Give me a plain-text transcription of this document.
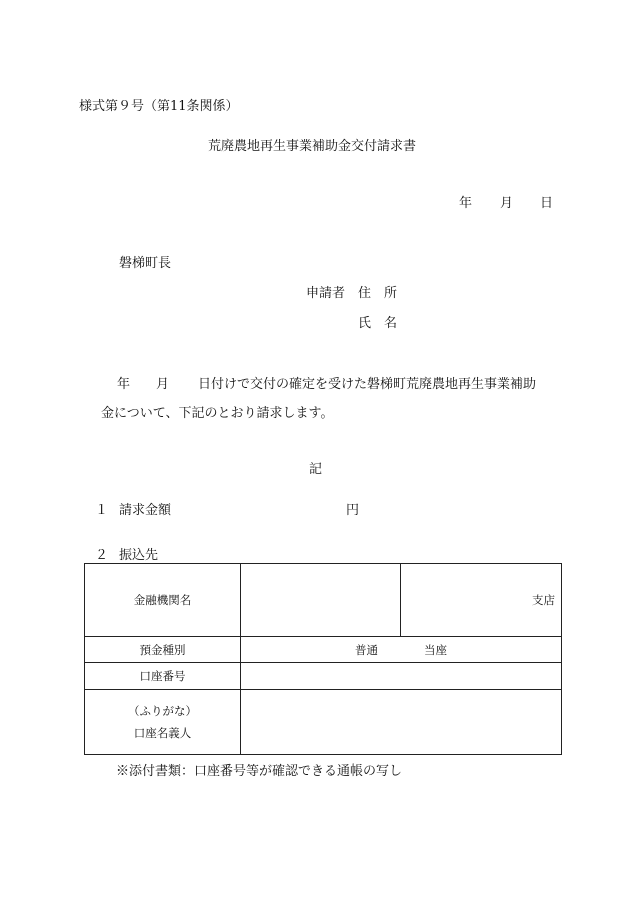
様式第９号（第11条関係）
荒廃農地再生事業補助金交付請求書
年 月 日
磐梯町長
申請者 住　所
氏　名
年 月 日付けで交付の確定を受けた磐梯町荒廃農地再生事業補助
金について、下記のとおり請求します。
記
１ 請求金額	円
２ 振込先
金融機関名		支店
預金種別	普通 当座	

口座番号		

（ふりがな）
口座名義人		

※添付書類：口座番号等が確認できる通帳の写し
